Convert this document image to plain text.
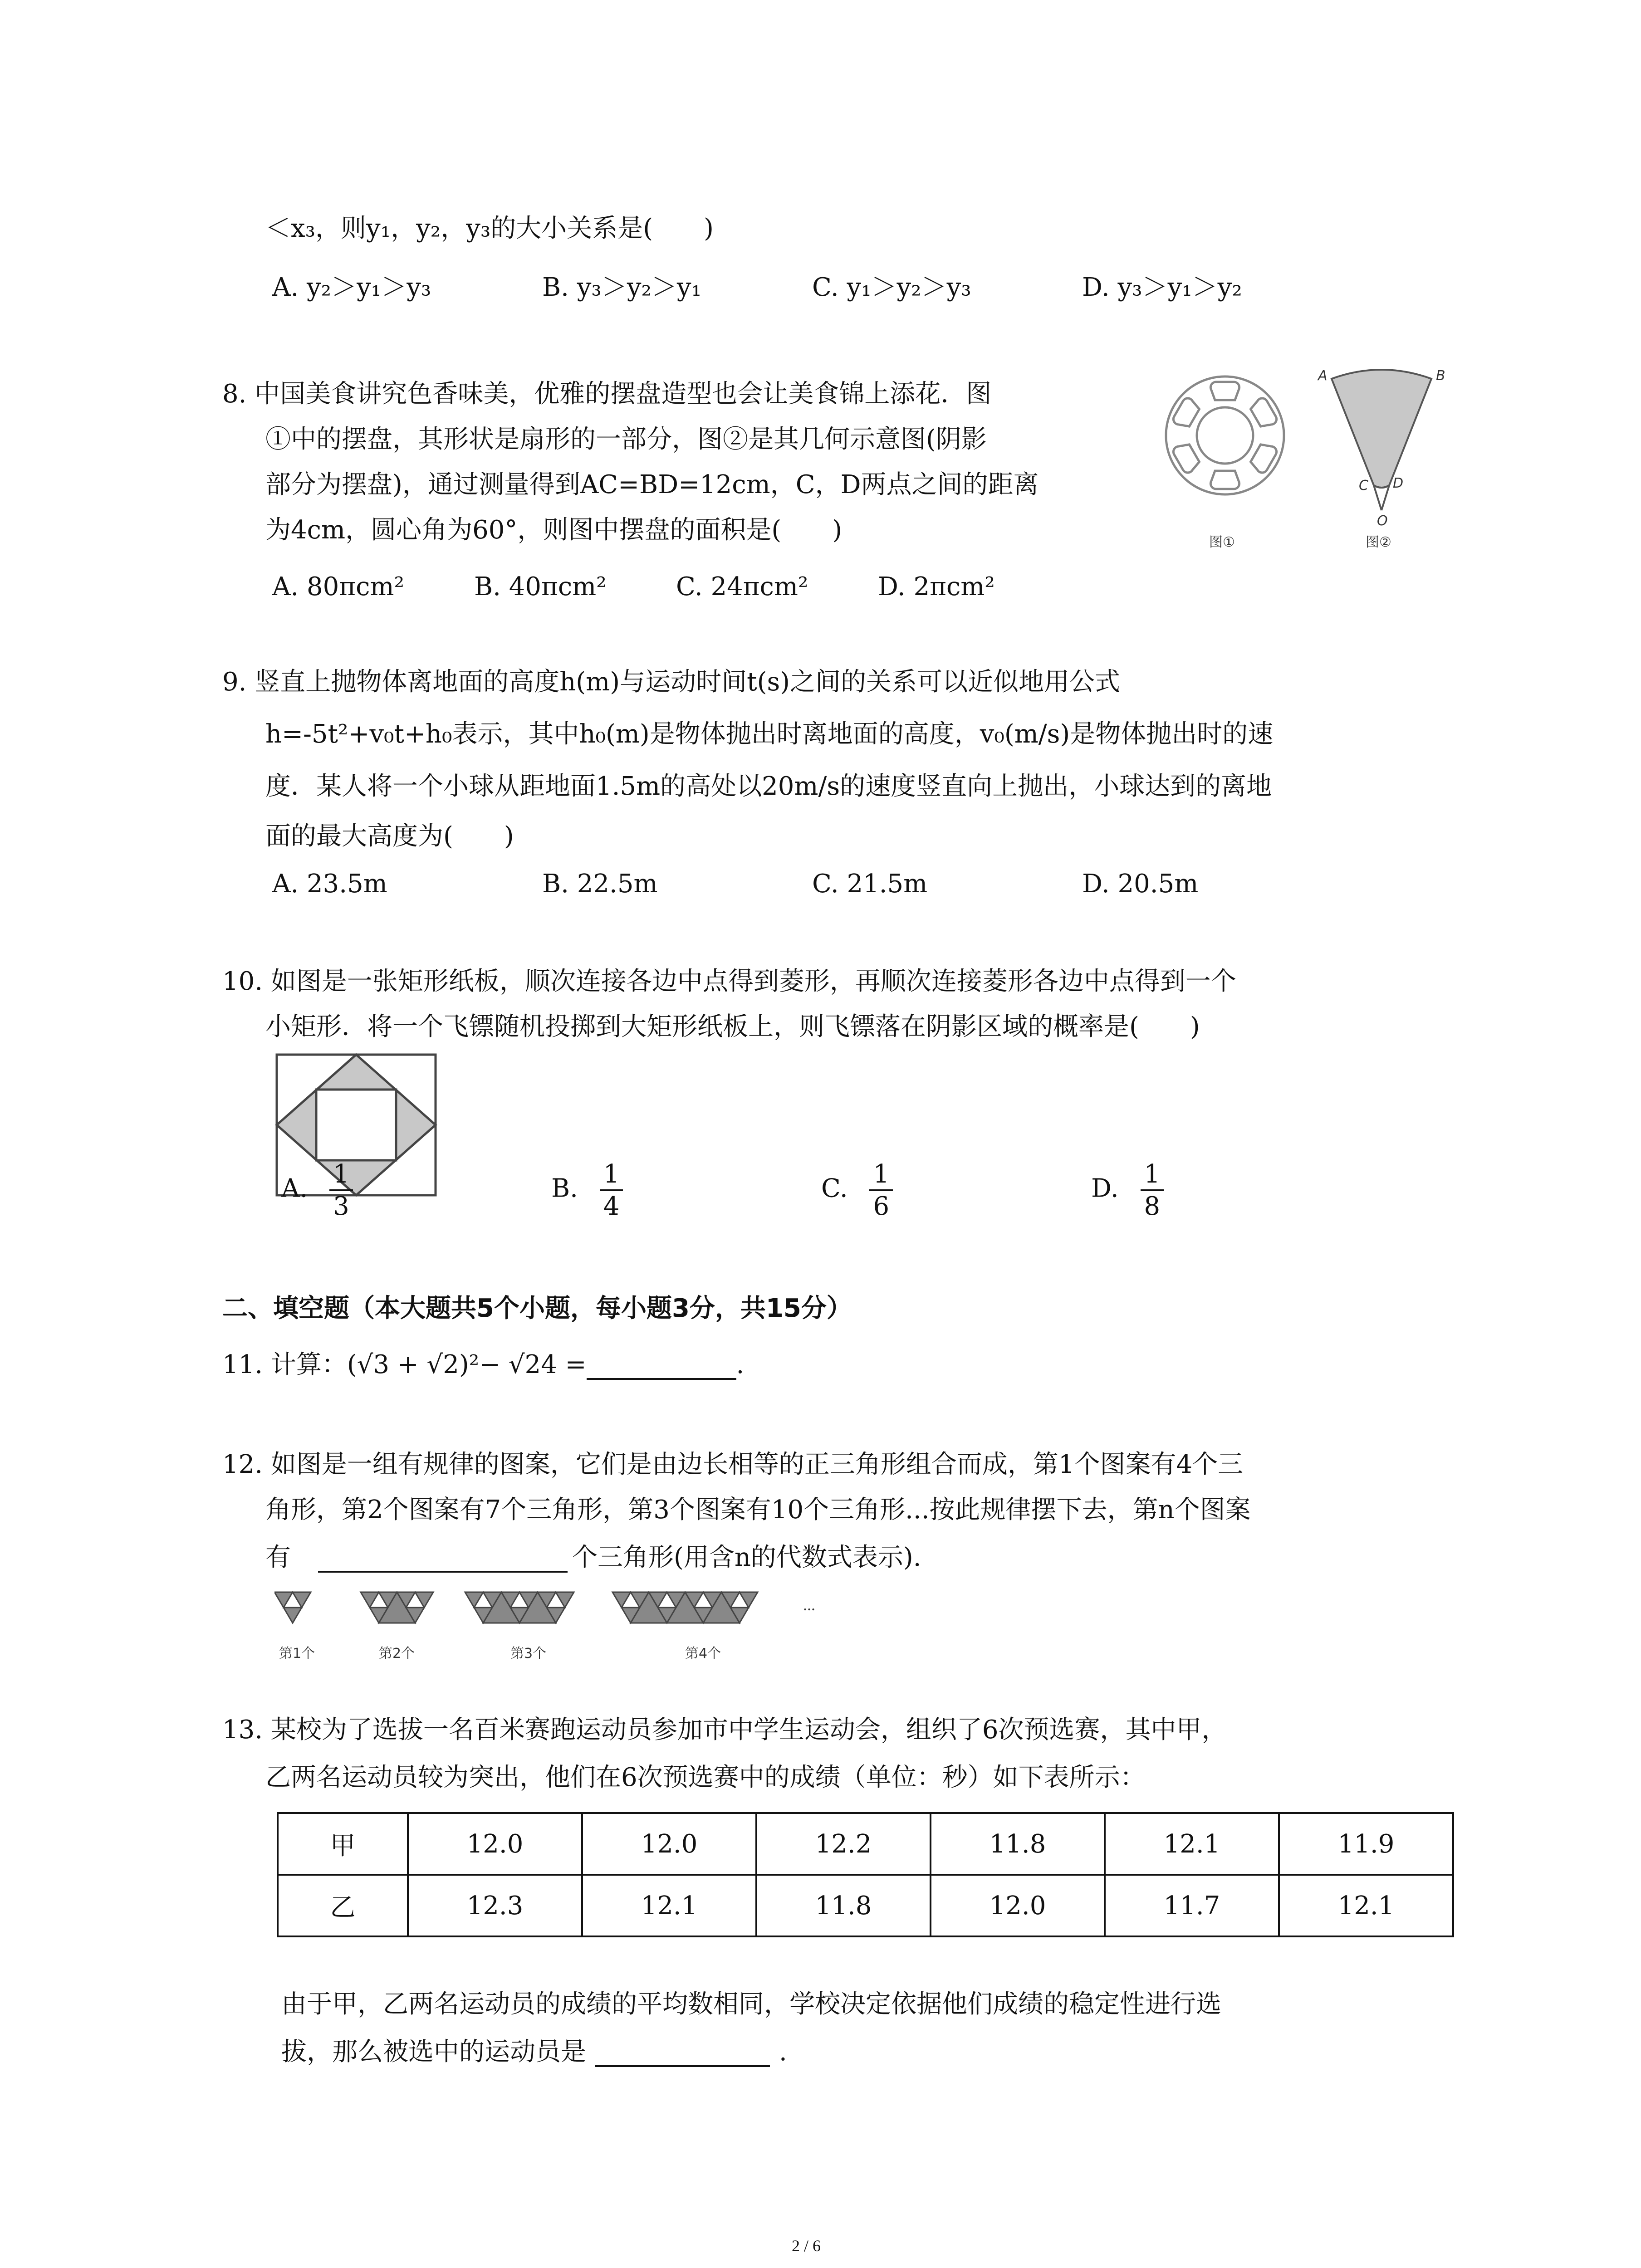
＜x₃，则y₁，y₂，y₃的大小关系是(　　)
A. y₂＞y₁＞y₃	B. y₃＞y₂＞y₁	C. y₁＞y₂＞y₃	D. y₃＞y₁＞y₂
8. 中国美食讲究色香味美，优雅的摆盘造型也会让美食锦上添花．图
①中的摆盘，其形状是扇形的一部分，图②是其几何示意图(阴影
部分为摆盘)，通过测量得到AC=BD=12cm，C，D两点之间的距离
为4cm，圆心角为60°，则图中摆盘的面积是(　　)
A. 80πcm²	B. 40πcm²	C. 24πcm²	D. 2πcm²
图①
A	B
C D
O
图②
9. 竖直上抛物体离地面的高度h(m)与运动时间t(s)之间的关系可以近似地用公式
h=-5t²+v₀t+h₀表示，其中h₀(m)是物体抛出时离地面的高度，v₀(m/s)是物体抛出时的速
度．某人将一个小球从距地面1.5m的高处以20m/s的速度竖直向上抛出，小球达到的离地
面的最大高度为(　　)
A. 23.5m	B. 22.5m	C. 21.5m	D. 20.5m
10. 如图是一张矩形纸板，顺次连接各边中点得到菱形，再顺次连接菱形各边中点得到一个
小矩形．将一个飞镖随机投掷到大矩形纸板上，则飞镖落在阴影区域的概率是(　　)
A. $\frac{1}{3}$	B. $\frac{1}{4}$	C. $\frac{1}{6}$	D. $\frac{1}{8}$
二、填空题（本大题共5个小题，每小题3分，共15分）
11. 计算：(√3 + √2)²− √24 =	.
12. 如图是一组有规律的图案，它们是由边长相等的正三角形组合而成，第1个图案有4个三
角形，第2个图案有7个三角形，第3个图案有10个三角形...按此规律摆下去，第n个图案
有	个三角形(用含n的代数式表示).
...
第1个	第2个	第3个	第4个
13. 某校为了选拔一名百米赛跑运动员参加市中学生运动会，组织了6次预选赛，其中甲，
乙两名运动员较为突出，他们在6次预选赛中的成绩（单位：秒）如下表所示：
甲	12.0	12.0	12.2	11.8	12.1	11.9
乙	12.3	12.1	11.8	12.0	11.7	12.1
由于甲，乙两名运动员的成绩的平均数相同，学校决定依据他们成绩的稳定性进行选
拔，那么被选中的运动员是	.
2 / 6
